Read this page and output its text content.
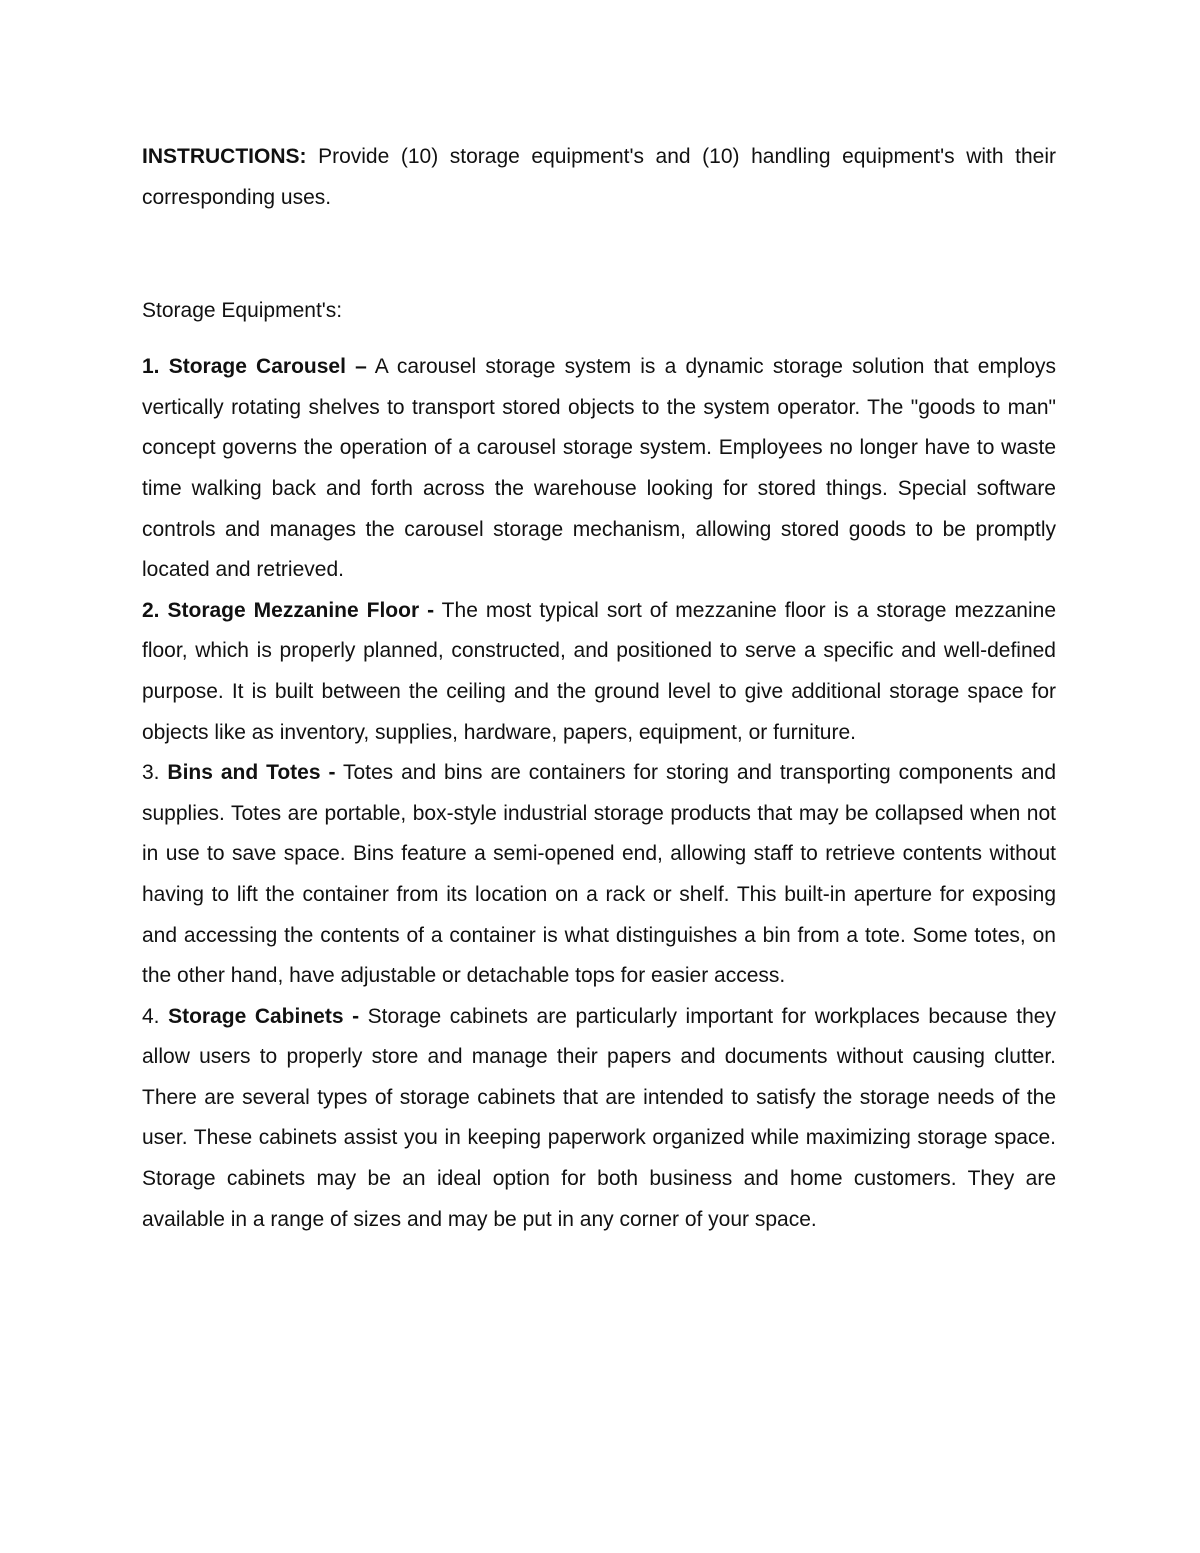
INSTRUCTIONS: Provide (10) storage equipment's and (10) handling equipment's with their corresponding uses.

Storage Equipment's:

1. Storage Carousel – A carousel storage system is a dynamic storage solution that employs vertically rotating shelves to transport stored objects to the system operator. The "goods to man" concept governs the operation of a carousel storage system. Employees no longer have to waste time walking back and forth across the warehouse looking for stored things. Special software controls and manages the carousel storage mechanism, allowing stored goods to be promptly located and retrieved.

2. Storage Mezzanine Floor - The most typical sort of mezzanine floor is a storage mezzanine floor, which is properly planned, constructed, and positioned to serve a specific and well-defined purpose. It is built between the ceiling and the ground level to give additional storage space for objects like as inventory, supplies, hardware, papers, equipment, or furniture.

3. Bins and Totes - Totes and bins are containers for storing and transporting components and supplies. Totes are portable, box-style industrial storage products that may be collapsed when not in use to save space. Bins feature a semi-opened end, allowing staff to retrieve contents without having to lift the container from its location on a rack or shelf. This built-in aperture for exposing and accessing the contents of a container is what distinguishes a bin from a tote. Some totes, on the other hand, have adjustable or detachable tops for easier access.

4. Storage Cabinets - Storage cabinets are particularly important for workplaces because they allow users to properly store and manage their papers and documents without causing clutter. There are several types of storage cabinets that are intended to satisfy the storage needs of the user. These cabinets assist you in keeping paperwork organized while maximizing storage space. Storage cabinets may be an ideal option for both business and home customers. They are available in a range of sizes and may be put in any corner of your space.
